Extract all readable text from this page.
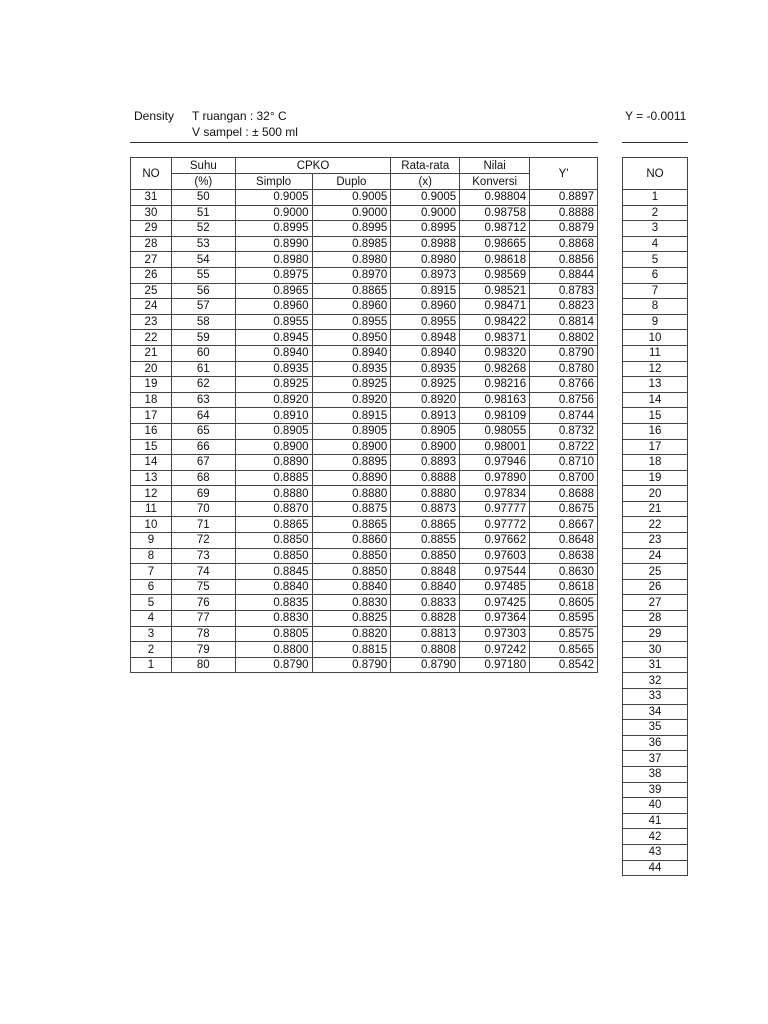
Density T ruangan : 32° C
V sampel : ± 500 ml
Y = -0.0011
NO	Suhu	CPKO		Rata-rata	Nilai	Y'
	(%)	Simplo	Duplo	(x)	Konversi	
31	50	0.9005	0.9005	0.9005	0.98804	0.8897
30	51	0.9000	0.9000	0.9000	0.98758	0.8888
29	52	0.8995	0.8995	0.8995	0.98712	0.8879
28	53	0.8990	0.8985	0.8988	0.98665	0.8868
27	54	0.8980	0.8980	0.8980	0.98618	0.8856
26	55	0.8975	0.8970	0.8973	0.98569	0.8844
25	56	0.8965	0.8865	0.8915	0.98521	0.8783
24	57	0.8960	0.8960	0.8960	0.98471	0.8823
23	58	0.8955	0.8955	0.8955	0.98422	0.8814
22	59	0.8945	0.8950	0.8948	0.98371	0.8802
21	60	0.8940	0.8940	0.8940	0.98320	0.8790
20	61	0.8935	0.8935	0.8935	0.98268	0.8780
19	62	0.8925	0.8925	0.8925	0.98216	0.8766
18	63	0.8920	0.8920	0.8920	0.98163	0.8756
17	64	0.8910	0.8915	0.8913	0.98109	0.8744
16	65	0.8905	0.8905	0.8905	0.98055	0.8732
15	66	0.8900	0.8900	0.8900	0.98001	0.8722
14	67	0.8890	0.8895	0.8893	0.97946	0.8710
13	68	0.8885	0.8890	0.8888	0.97890	0.8700
12	69	0.8880	0.8880	0.8880	0.97834	0.8688
11	70	0.8870	0.8875	0.8873	0.97777	0.8675
10	71	0.8865	0.8865	0.8865	0.97772	0.8667
9	72	0.8850	0.8860	0.8855	0.97662	0.8648
8	73	0.8850	0.8850	0.8850	0.97603	0.8638
7	74	0.8845	0.8850	0.8848	0.97544	0.8630
6	75	0.8840	0.8840	0.8840	0.97485	0.8618
5	76	0.8835	0.8830	0.8833	0.97425	0.8605
4	77	0.8830	0.8825	0.8828	0.97364	0.8595
3	78	0.8805	0.8820	0.8813	0.97303	0.8575
2	79	0.8800	0.8815	0.8808	0.97242	0.8565
1	80	0.8790	0.8790	0.8790	0.97180	0.8542
NO
1
2
3
4
5
6
7
8
9
10
11
12
13
14
15
16
17
18
19
20
21
22
23
24
25
26
27
28
29
30
31
32
33
34
35
36
37
38
39
40
41
42
43
44
